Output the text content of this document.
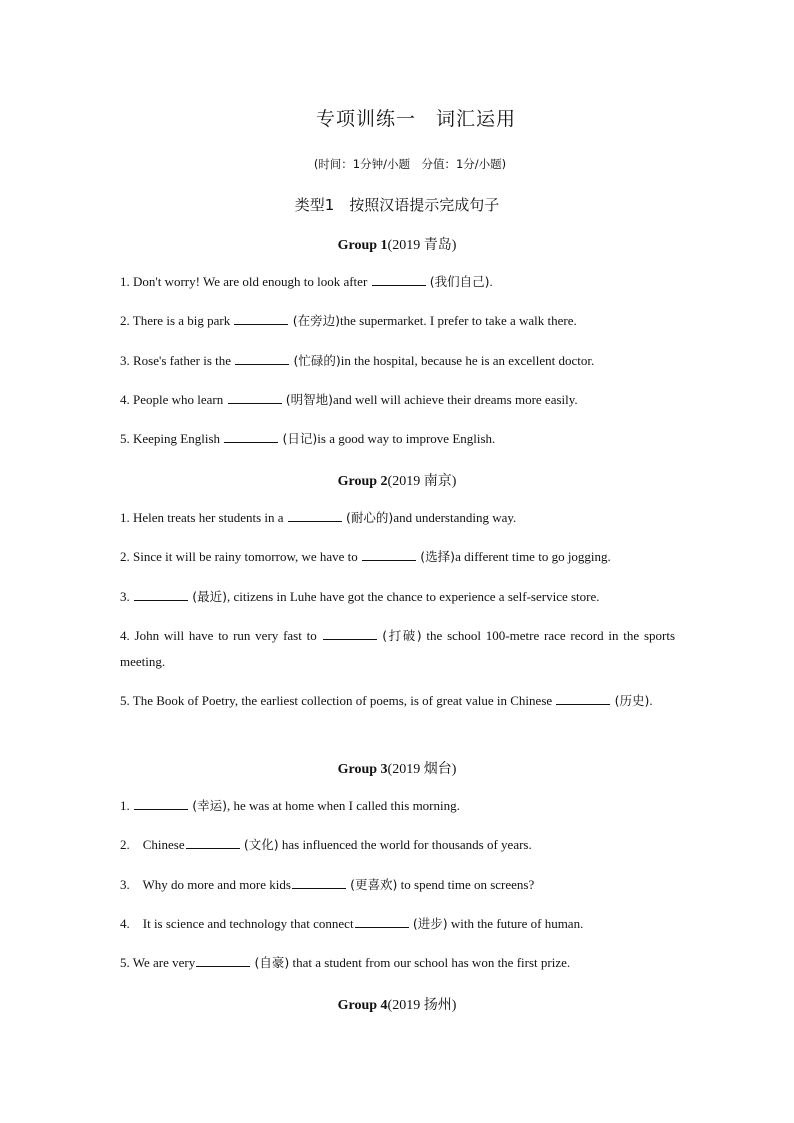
专项训练一　词汇运用
(时间：1分钟/小题　分值：1分/小题)
类型1　按照汉语提示完成句子
Group 1(2019 青岛)
1. Don't worry! We are old enough to look after	(我们自己).
2. There is a big park	(在旁边)the supermarket. I prefer to take a walk there.
3. Rose's father is the	(忙碌的)in the hospital, because he is an excellent doctor.
4. People who learn	(明智地)and well will achieve their dreams more easily.
5. Keeping English	(日记)is a good way to improve English.
Group 2(2019 南京)
1. Helen treats her students in a	(耐心的)and understanding way.
2. Since it will be rainy tomorrow, we have to	(选择)a different time to go jogging.
3.	(最近), citizens in Luhe have got the chance to experience a self-service store.
4. John will have to run very fast to	(打破) the school 100-metre race record in the sports meeting.
5. The Book of Poetry, the earliest collection of poems, is of great value in Chinese	(历史).
Group 3(2019 烟台)
1.	(幸运), he was at home when I called this morning.
2. Chinese	(文化) has influenced the world for thousands of years.
3. Why do more and more kids	(更喜欢) to spend time on screens?
4. It is science and technology that connect	(进步) with the future of human.
5. We are very	(自豪) that a student from our school has won the first prize.
Group 4(2019 扬州)
